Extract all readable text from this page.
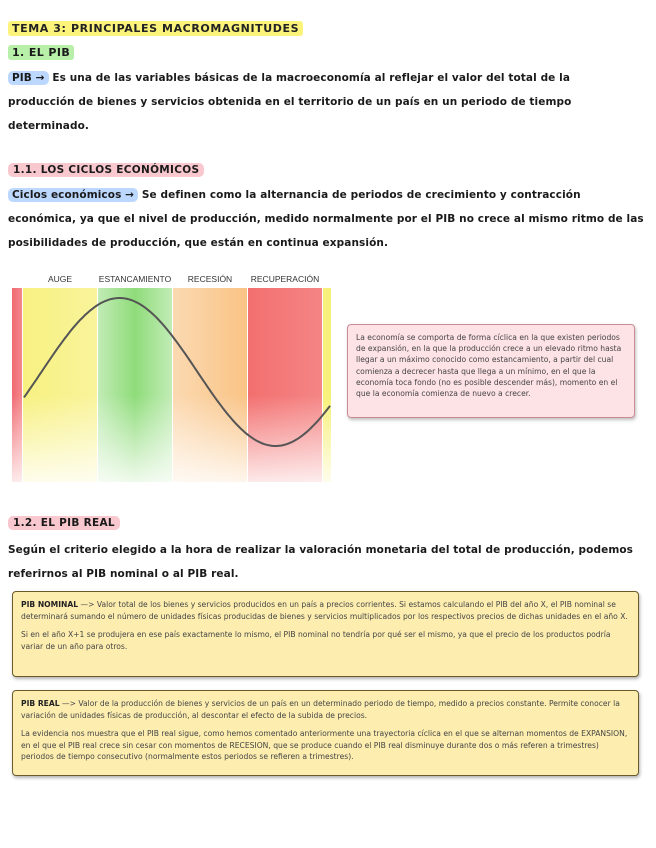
TEMA 3: PRINCIPALES MACROMAGNITUDES
1. EL PIB
PIB → Es una de las variables básicas de la macroeconomía al reflejar el valor del total de la producción de bienes y servicios obtenida en el territorio de un país en un periodo de tiempo determinado.
1.1. LOS CICLOS ECONÓMICOS
Ciclos económicos → Se definen como la alternancia de periodos de crecimiento y contracción económica, ya que el nivel de producción, medido normalmente por el PIB no crece al mismo ritmo de las posibilidades de producción, que están en continua expansión.
AUGE	ESTANCAMIENTO RECESIÓN RECUPERACIÓN
La economía se comporta de forma cíclica en la que existen periodos de expansión, en la que la producción crece a un elevado ritmo hasta llegar a un máximo conocido como estancamiento, a partir del cual comienza a decrecer hasta que llega a un mínimo, en el que la economía toca fondo (no es posible descender más), momento en el que la economía comienza de nuevo a crecer.
1.2. EL PIB REAL
Según el criterio elegido a la hora de realizar la valoración monetaria del total de producción, podemos referirnos al PIB nominal o al PIB real.

PIB NOMINAL —> Valor total de los bienes y servicios producidos en un país a precios corrientes. Si estamos calculando el PIB del año X, el PIB nominal se determinará sumando el número de unidades físicas producidas de bienes y servicios multiplicados por los respectivos precios de dichas unidades en el año X.

Si en el año X+1 se produjera en ese país exactamente lo mismo, el PIB nominal no tendría por qué ser el mismo, ya que el precio de los productos podría variar de un año para otros.

PIB REAL —> Valor de la producción de bienes y servicios de un país en un determinado periodo de tiempo, medido a precios constante. Permite conocer la variación de unidades físicas de producción, al descontar el efecto de la subida de precios.

La evidencia nos muestra que el PIB real sigue, como hemos comentado anteriormente una trayectoria cíclica en el que se alternan momentos de EXPANSION, en el que el PIB real crece sin cesar con momentos de RECESION, que se produce cuando el PIB real disminuye durante dos o más referen a trimestres) periodos de tiempo consecutivo (normalmente estos periodos se refieren a trimestres).
